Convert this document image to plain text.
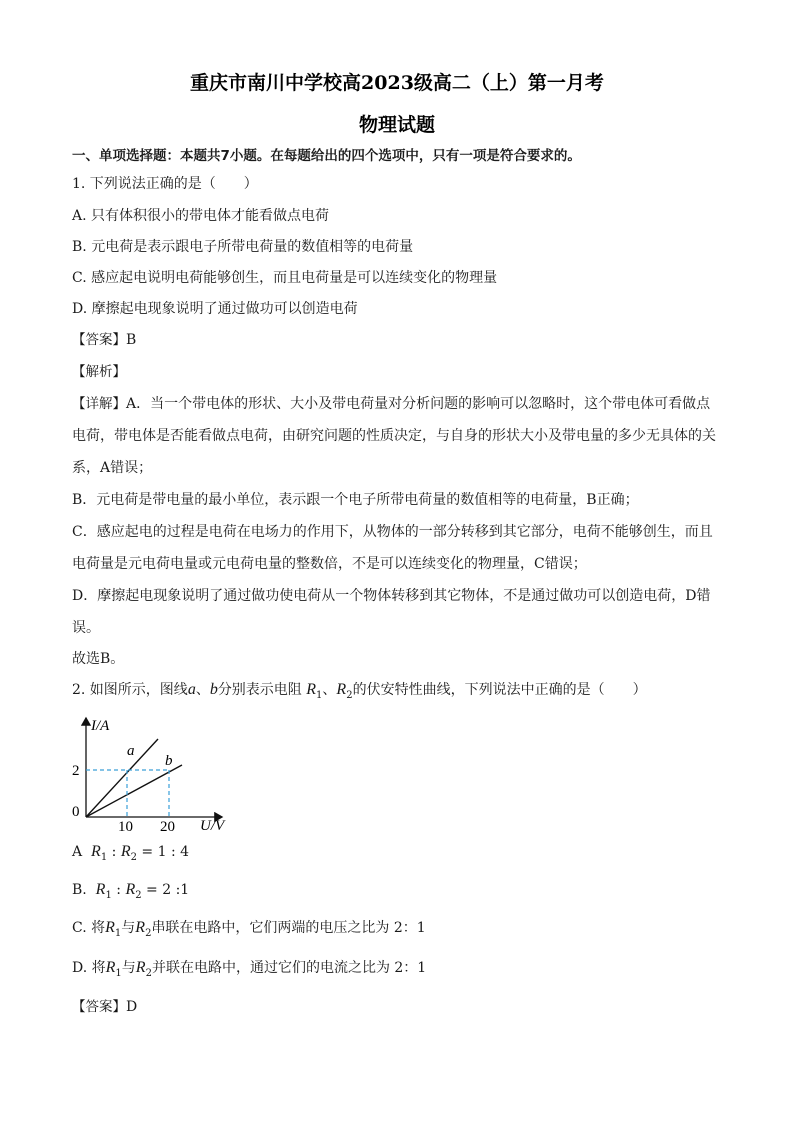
重庆市南川中学校高2023级高二（上）第一月考
物理试题
一、单项选择题：本题共7小题。在每题给出的四个选项中，只有一项是符合要求的。
1. 下列说法正确的是（　　）
A. 只有体积很小的带电体才能看做点电荷
B. 元电荷是表示跟电子所带电荷量的数值相等的电荷量
C. 感应起电说明电荷能够创生，而且电荷量是可以连续变化的物理量
D. 摩擦起电现象说明了通过做功可以创造电荷
【答案】B
【解析】
【详解】A．当一个带电体的形状、大小及带电荷量对分析问题的影响可以忽略时，这个带电体可看做点电荷，带电体是否能看做点电荷，由研究问题的性质决定，与自身的形状大小及带电量的多少无具体的关系，A错误；
B．元电荷是带电量的最小单位，表示跟一个电子所带电荷量的数值相等的电荷量，B正确；
C．感应起电的过程是电荷在电场力的作用下，从物体的一部分转移到其它部分，电荷不能够创生，而且电荷量是元电荷电量或元电荷电量的整数倍，不是可以连续变化的物理量，C错误；
D．摩擦起电现象说明了通过做功使电荷从一个物体转移到其它物体，不是通过做功可以创造电荷，D错误。
故选B。
2. 如图所示，图线a、b分别表示电阻 $R_1$、$R_2$的伏安特性曲线，下列说法中正确的是（　　）
I/A
U/V
0
2
10 20
a
b
A $R_1$ : $R_2 = 1$ : 4
B. $R_1$ : $R_2 = 2$ :1
C. 将$R_1$与$R_2$串联在电路中，它们两端的电压之比为 2：1
D. 将$R_1$与$R_2$并联在电路中，通过它们的电流之比为 2：1
【答案】D
